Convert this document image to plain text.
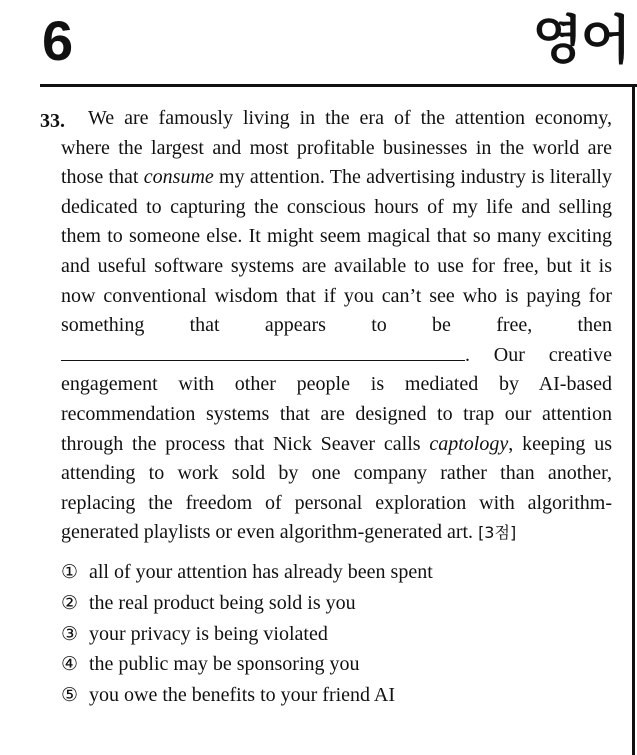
6	영어
33.	We are famously living in the era of the attention economy, where the largest and most profitable businesses in the world are those that consume my attention. The advertising industry is literally dedicated to capturing the conscious hours of my life and selling them to someone else. It might seem magical that so many exciting and useful software systems are available to use for free, but it is now conventional wisdom that if you can’t see who is paying for something that appears to be free, then . Our creative engagement with other people is mediated by AI-based recommendation systems that are designed to trap our attention through the process that Nick Seaver calls captology, keeping us attending to work sold by one company rather than another, replacing the freedom of personal exploration with algorithm-generated playlists or even algorithm-generated art. [3점]

① all of your attention has already been spent
② the real product being sold is you
③ your privacy is being violated
④ the public may be sponsoring you
⑤ you owe the benefits to your friend AI
